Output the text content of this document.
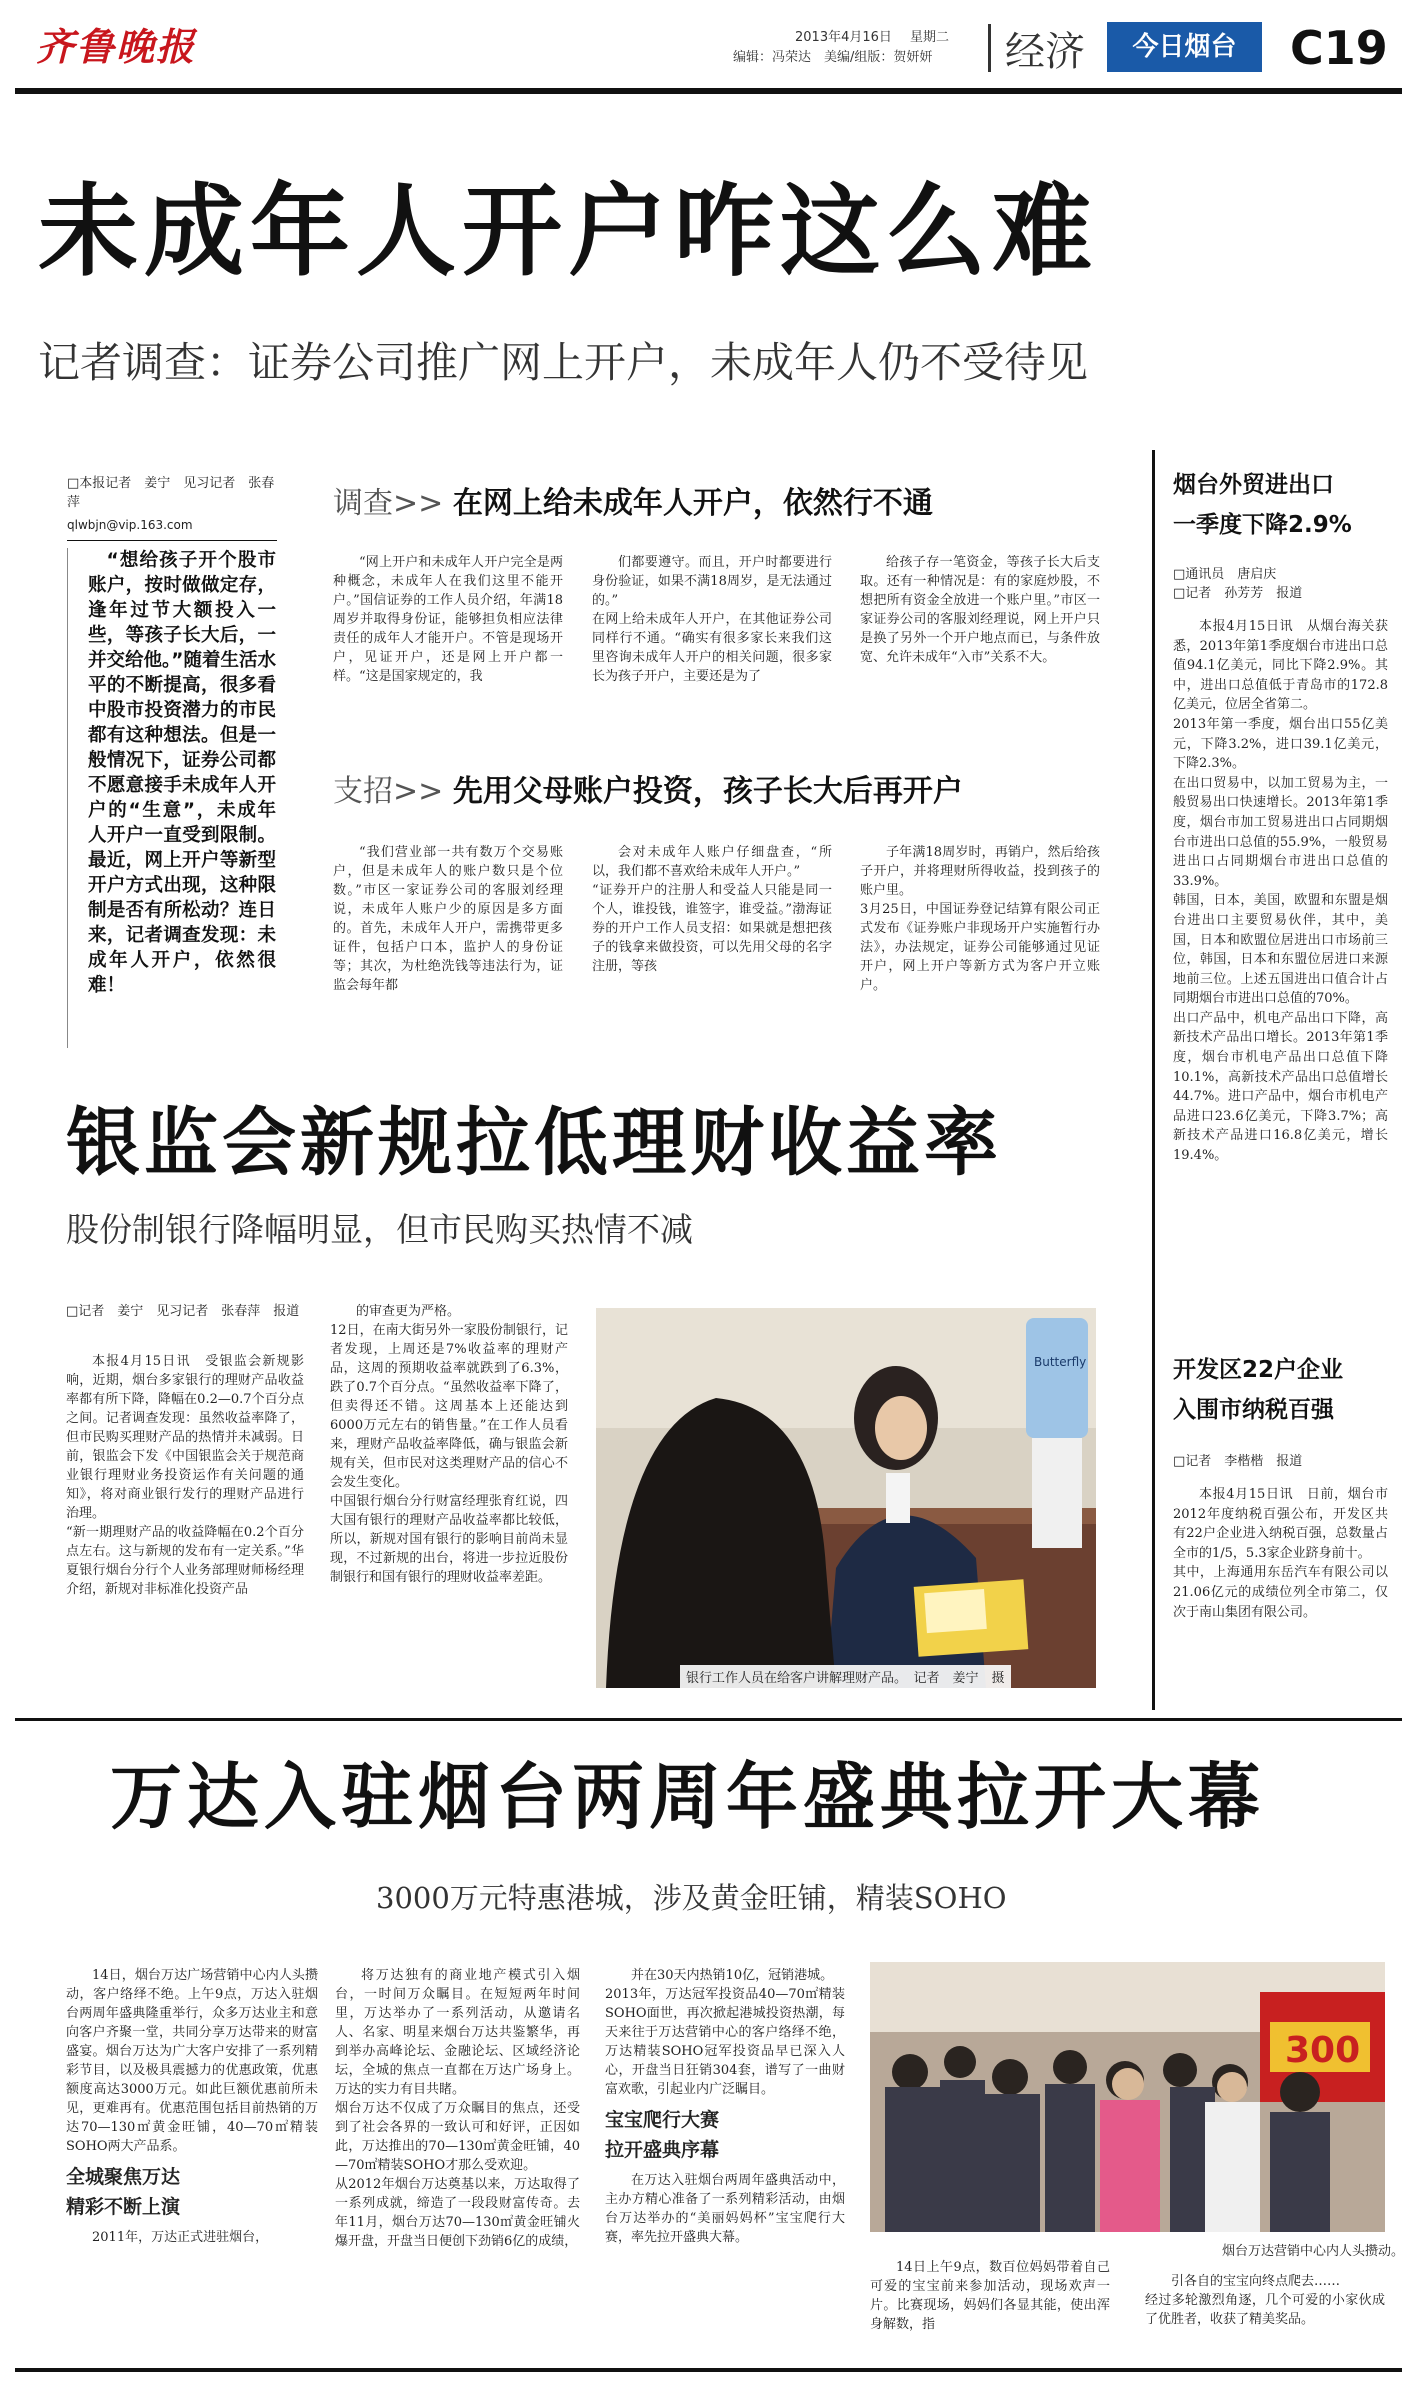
齐鲁晚报	2013年4月16日 星期二
编辑：冯荣达　美编/组版：贺妍妍 经济	今日烟台	C19
未成年人开户咋这么难
记者调查：证券公司推广网上开户，未成年人仍不受待见
□本报记者　姜宁　见习记者　张春萍
qlwbjn@vip.163.com
“想给孩子开个股市账户，按时做做定存，逢年过节大额投入一些，等孩子长大后，一并交给他。”随着生活水平的不断提高，很多看中股市投资潜力的市民都有这种想法。但是一般情况下，证券公司都不愿意接手未成年人开户的“生意”，未成年人开户一直受到限制。最近，网上开户等新型开户方式出现，这种限制是否有所松动？连日来，记者调查发现：未成年人开户，依然很难！
调查>> 在网上给未成年人开户，依然行不通

“网上开户和未成年人开户完全是两种概念，未成年人在我们这里不能开户。”国信证券的工作人员介绍，年满18周岁并取得身份证，能够担负相应法律责任的成年人才能开户。不管是现场开户，见证开户，还是网上开户都一样。“这是国家规定的，我

们都要遵守。而且，开户时都要进行身份验证，如果不满18周岁，是无法通过的。”
在网上给未成年人开户，在其他证券公司同样行不通。“确实有很多家长来我们这里咨询未成年人开户的相关问题，很多家长为孩子开户，主要还是为了

给孩子存一笔资金，等孩子长大后支取。还有一种情况是：有的家庭炒股，不想把所有资金全放进一个账户里。”市区一家证券公司的客服刘经理说，网上开户只是换了另外一个开户地点而已，与条件放宽、允许未成年“入市”关系不大。

支招>> 先用父母账户投资，孩子长大后再开户

“我们营业部一共有数万个交易账户，但是未成年人的账户数只是个位数。”市区一家证券公司的客服刘经理说，未成年人账户少的原因是多方面的。首先，未成年人开户，需携带更多证件，包括户口本，监护人的身份证等；其次，为杜绝洗钱等违法行为，证监会每年都

会对未成年人账户仔细盘查，“所以，我们都不喜欢给未成年人开户。”
“证券开户的注册人和受益人只能是同一个人，谁投钱，谁签字，谁受益。”渤海证券的开户工作人员支招：如果就是想把孩子的钱拿来做投资，可以先用父母的名字注册，等孩

子年满18周岁时，再销户，然后给孩子开户，并将理财所得收益，投到孩子的账户里。
3月25日，中国证券登记结算有限公司正式发布《证券账户非现场开户实施暂行办法》，办法规定，证券公司能够通过见证开户，网上开户等新方式为客户开立账户。

烟台外贸进出口
一季度下降2.9%
□通讯员　唐启庆
□记者　孙芳芳　报道

本报4月15日讯　从烟台海关获悉，2013年第1季度烟台市进出口总值94.1亿美元，同比下降2.9%。其中，进出口总值低于青岛市的172.8亿美元，位居全省第二。
2013年第一季度，烟台出口55亿美元，下降3.2%，进口39.1亿美元，下降2.3%。
在出口贸易中，以加工贸易为主，一般贸易出口快速增长。2013年第1季度，烟台市加工贸易进出口占同期烟台市进出口总值的55.9%，一般贸易进出口占同期烟台市进出口总值的33.9%。
韩国，日本，美国，欧盟和东盟是烟台进出口主要贸易伙伴，其中，美国，日本和欧盟位居进出口市场前三位，韩国，日本和东盟位居进口来源地前三位。上述五国进出口值合计占同期烟台市进出口总值的70%。
出口产品中，机电产品出口下降，高新技术产品出口增长。2013年第1季度，烟台市机电产品出口总值下降10.1%，高新技术产品出口总值增长44.7%。进口产品中，烟台市机电产品进口23.6亿美元，下降3.7%；高新技术产品进口16.8亿美元，增长19.4%。

开发区22户企业
入围市纳税百强
□记者　李楷楷　报道

本报4月15日讯　日前，烟台市2012年度纳税百强公布，开发区共有22户企业进入纳税百强，总数量占全市的1/5，5.3家企业跻身前十。
其中，上海通用东岳汽车有限公司以21.06亿元的成绩位列全市第二，仅次于南山集团有限公司。

银监会新规拉低理财收益率
股份制银行降幅明显，但市民购买热情不减
□记者　姜宁　见习记者　张春萍　报道

本报4月15日讯　受银监会新规影响，近期，烟台多家银行的理财产品收益率都有所下降，降幅在0.2—0.7个百分点之间。记者调查发现：虽然收益率降了，但市民购买理财产品的热情并未减弱。日前，银监会下发《中国银监会关于规范商业银行理财业务投资运作有关问题的通知》，将对商业银行发行的理财产品进行治理。
“新一期理财产品的收益降幅在0.2个百分点左右。这与新规的发布有一定关系。”华夏银行烟台分行个人业务部理财师杨经理介绍，新规对非标准化投资产品

的审查更为严格。
12日，在南大街另外一家股份制银行，记者发现，上周还是7%收益率的理财产品，这周的预期收益率就跌到了6.3%，跌了0.7个百分点。“虽然收益率下降了，但卖得还不错。这周基本上还能达到6000万元左右的销售量。”在工作人员看来，理财产品收益率降低，确与银监会新规有关，但市民对这类理财产品的信心不会发生变化。
中国银行烟台分行财富经理张育红说，四大国有银行的理财产品收益率都比较低，所以，新规对国有银行的影响目前尚未显现，不过新规的出台，将进一步拉近股份制银行和国有银行的理财收益率差距。

Butterfly
银行工作人员在给客户讲解理财产品。　记者　姜宁　摄
万达入驻烟台两周年盛典拉开大幕
3000万元特惠港城，涉及黄金旺铺，精装SOHO

14日，烟台万达广场营销中心内人头攒动，客户络绎不绝。上午9点，万达入驻烟台两周年盛典隆重举行，众多万达业主和意向客户齐聚一堂，共同分享万达带来的财富盛宴。烟台万达为广大客户安排了一系列精彩节目，以及极具震撼力的优惠政策，优惠额度高达3000万元。如此巨额优惠前所未见，更难再有。优惠范围包括目前热销的万达70—130㎡黄金旺铺，40—70㎡精装SOHO两大产品系。

全城聚焦万达
精彩不断上演

2011年，万达正式进驻烟台，

将万达独有的商业地产模式引入烟台，一时间万众瞩目。在短短两年时间里，万达举办了一系列活动，从邀请名人、名家、明星来烟台万达共鉴繁华，再到举办高峰论坛、金融论坛、区域经济论坛，全城的焦点一直都在万达广场身上。万达的实力有目共睹。
烟台万达不仅成了万众瞩目的焦点，还受到了社会各界的一致认可和好评，正因如此，万达推出的70—130㎡黄金旺铺，40—70㎡精装SOHO才那么受欢迎。
从2012年烟台万达奠基以来，万达取得了一系列成就，缔造了一段段财富传奇。去年11月，烟台万达70—130㎡黄金旺铺火爆开盘，开盘当日便创下劲销6亿的成绩，

并在30天内热销10亿，冠销港城。
2013年，万达冠军投资品40—70㎡精装SOHO面世，再次掀起港城投资热潮，每天来往于万达营销中心的客户络绎不绝，万达精装SOHO冠军投资品早已深入人心，开盘当日狂销304套，谱写了一曲财富欢歌，引起业内广泛瞩目。

宝宝爬行大赛
拉开盛典序幕

在万达入驻烟台两周年盛典活动中，主办方精心准备了一系列精彩活动，由烟台万达举办的“美丽妈妈杯”宝宝爬行大赛，率先拉开盛典大幕。

300
烟台万达营销中心内人头攒动。

14日上午9点，数百位妈妈带着自己可爱的宝宝前来参加活动，现场欢声一片。比赛现场，妈妈们各显其能，使出浑身解数，指

引各自的宝宝向终点爬去……
经过多轮激烈角逐，几个可爱的小家伙成了优胜者，收获了精美奖品。
